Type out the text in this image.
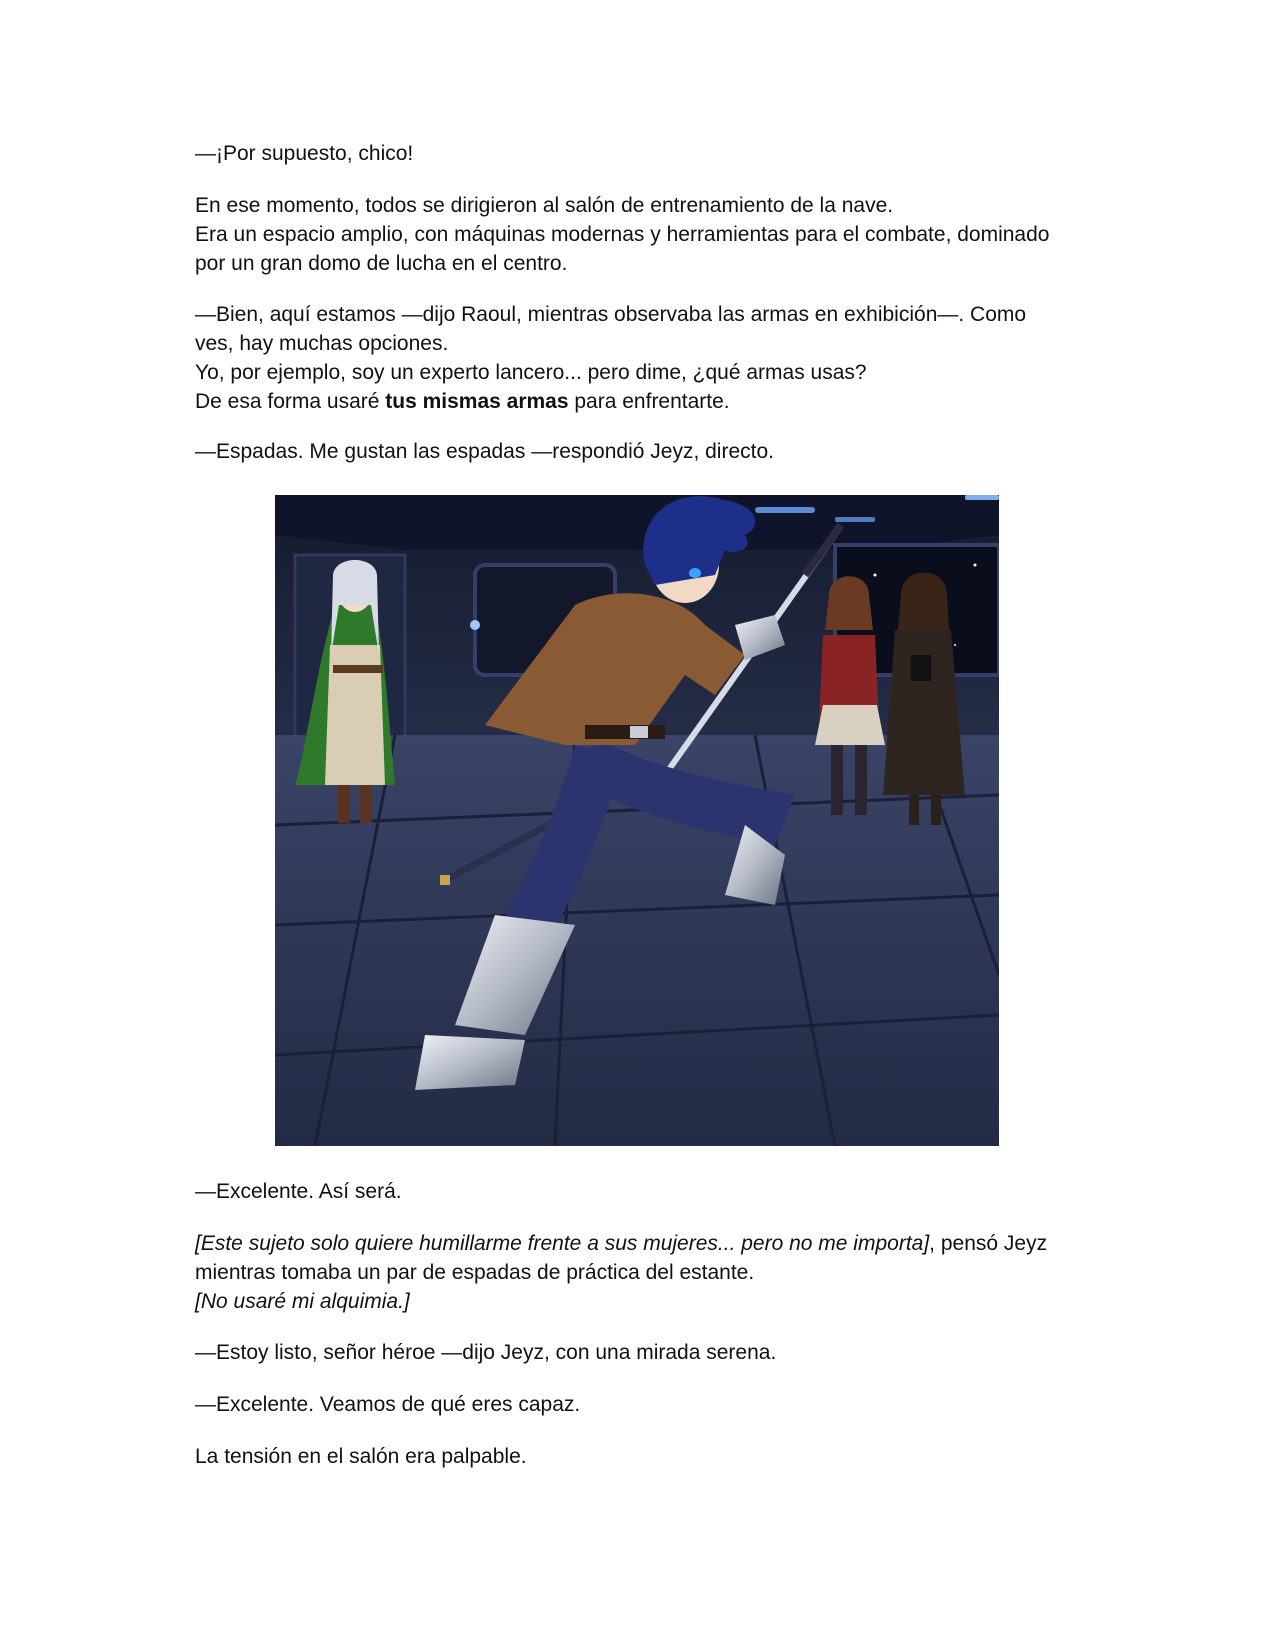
—¡Por supuesto, chico!

En ese momento, todos se dirigieron al salón de entrenamiento de la nave.
Era un espacio amplio, con máquinas modernas y herramientas para el combate, dominado
por un gran domo de lucha en el centro.

—Bien, aquí estamos —dijo Raoul, mientras observaba las armas en exhibición—. Como
ves, hay muchas opciones.
Yo, por ejemplo, soy un experto lancero... pero dime, ¿qué armas usas?
De esa forma usaré tus mismas armas para enfrentarte.

—Espadas. Me gustan las espadas —respondió Jeyz, directo.

—Excelente. Así será.

[Este sujeto solo quiere humillarme frente a sus mujeres... pero no me importa], pensó Jeyz
mientras tomaba un par de espadas de práctica del estante.
[No usaré mi alquimia.]

—Estoy listo, señor héroe —dijo Jeyz, con una mirada serena.

—Excelente. Veamos de qué eres capaz.

La tensión en el salón era palpable.
